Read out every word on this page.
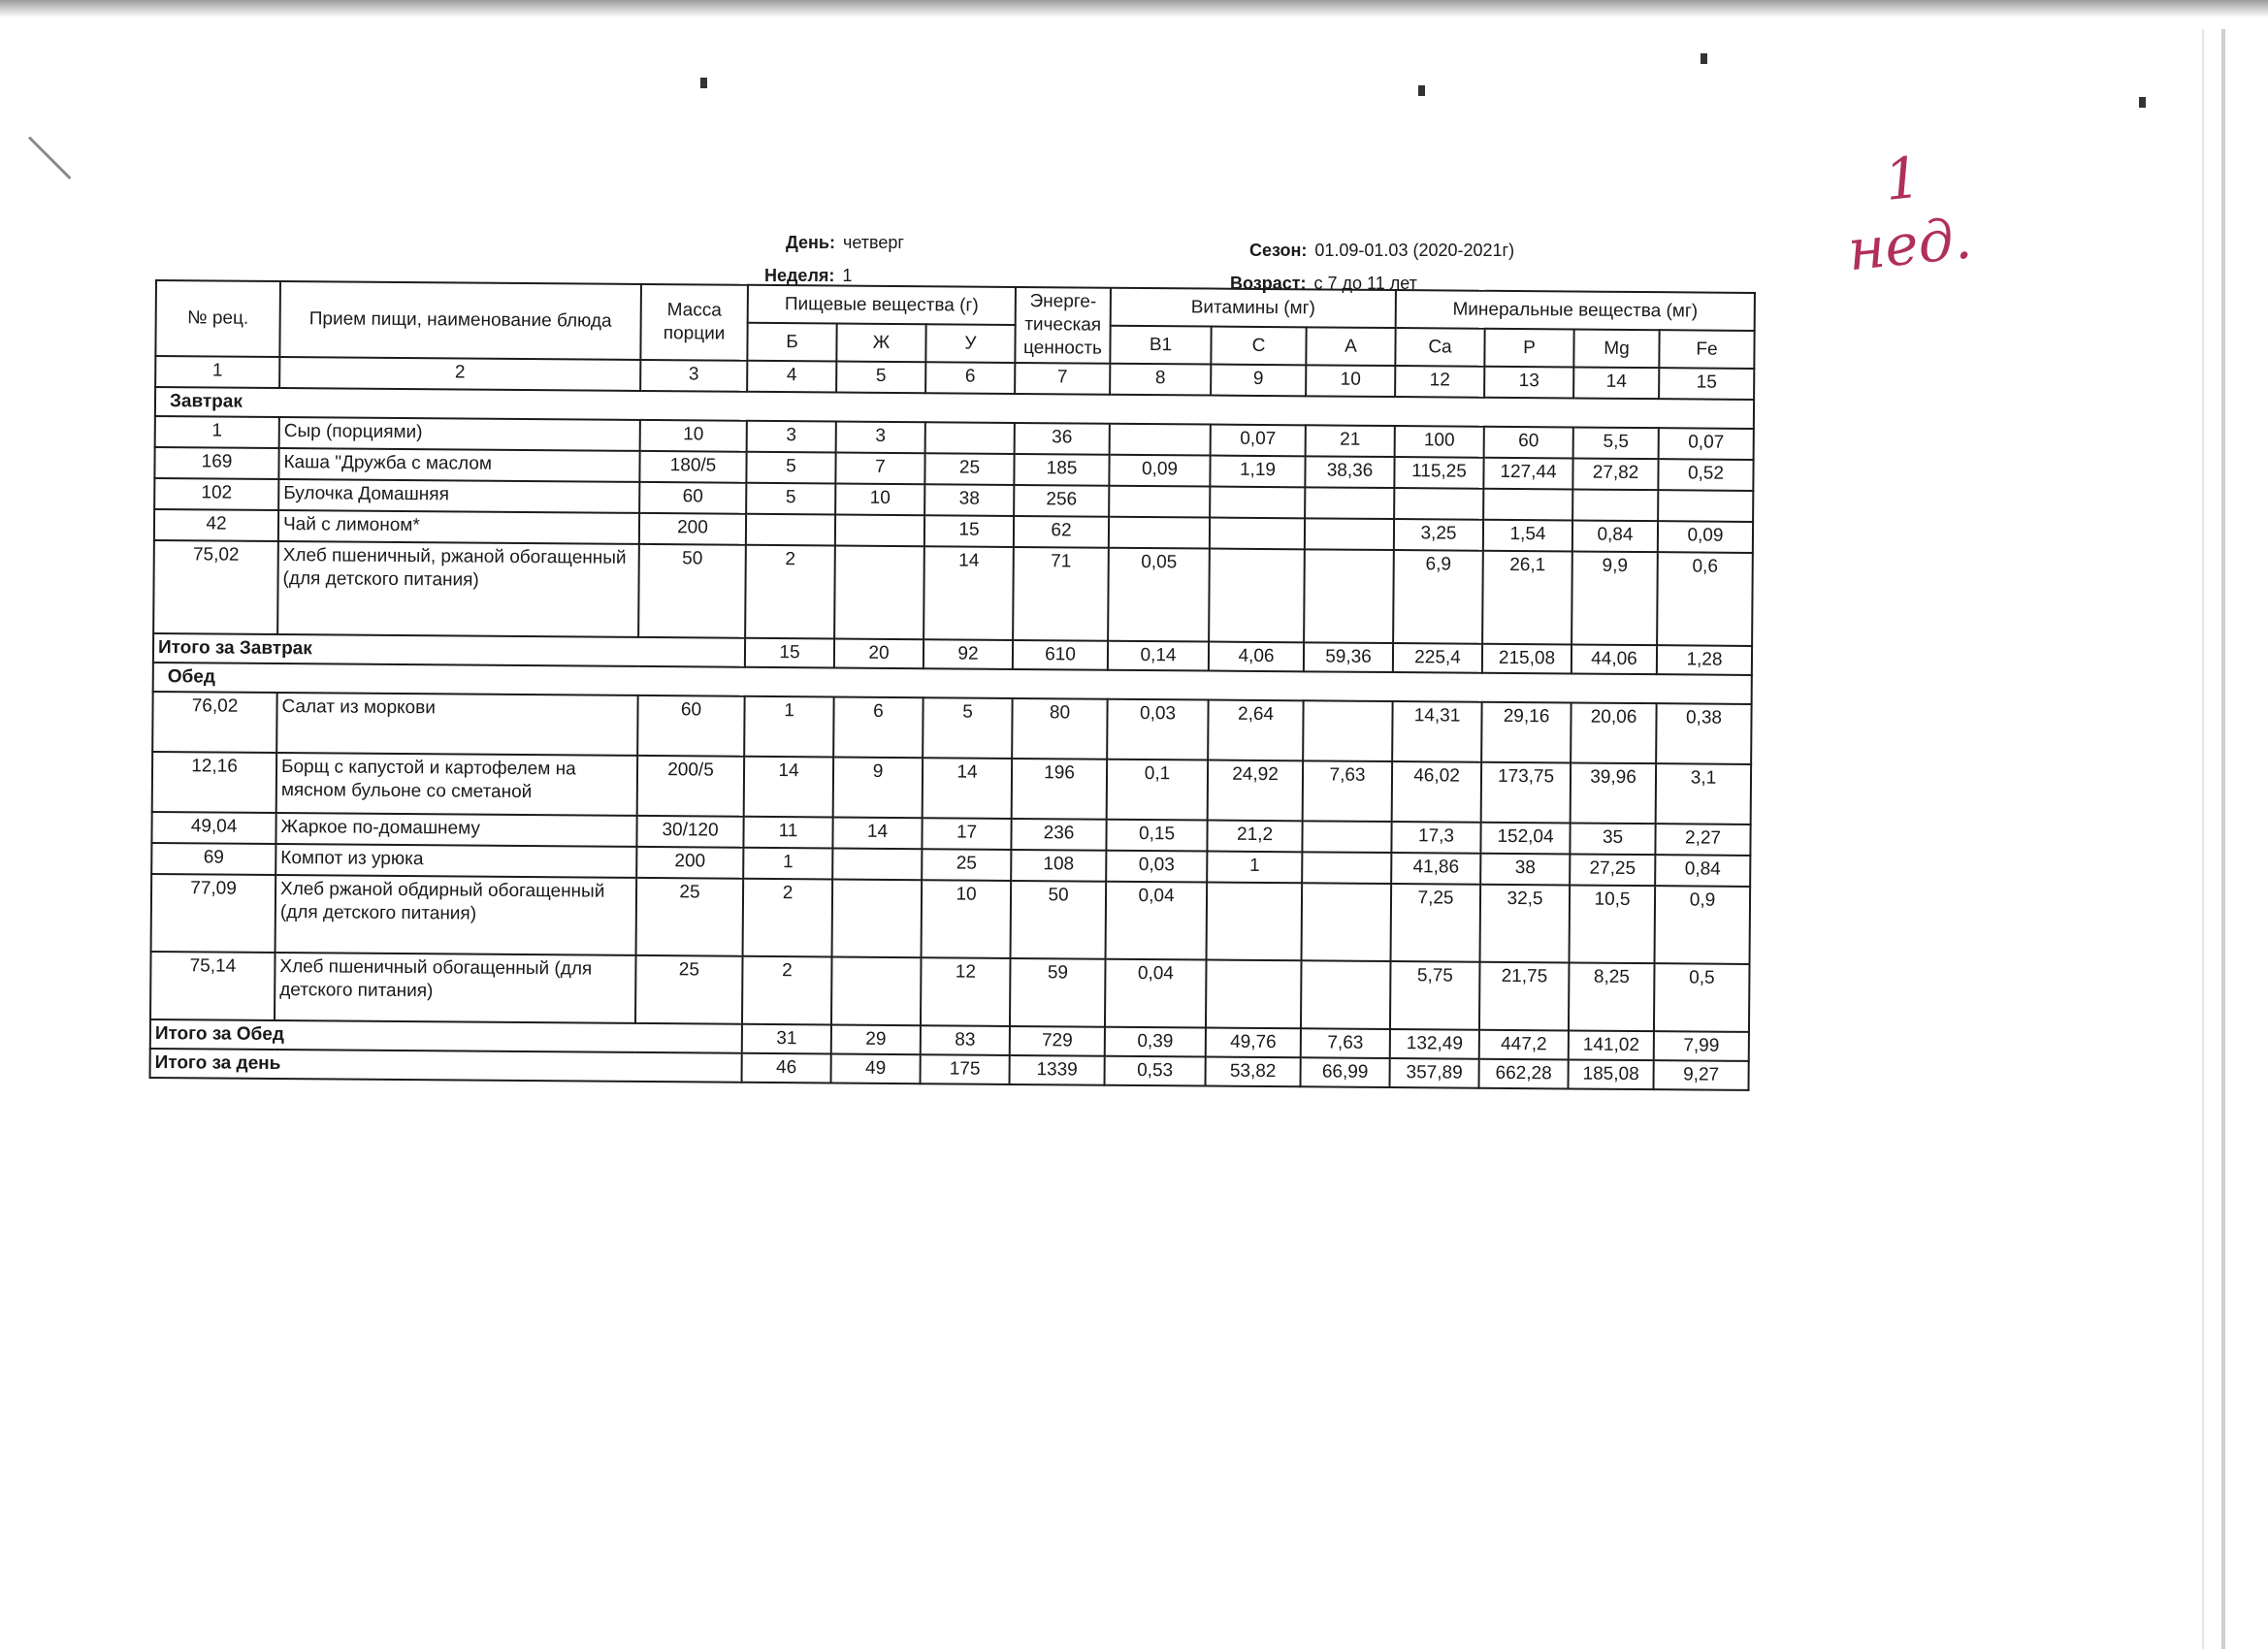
1 нед.
День: четверг
Неделя: 1
Сезон: 01.09-01.03 (2020-2021г)
Возраст: с 7 до 11 лет
№ рец.	Прием пищи, наименование блюда	Масса порции	Пищевые вещества (г)			Энерге-тическая ценность	Витамины (мг)			Минеральные вещества (мг)			
			Б	Ж	У		B1	C	A	Ca	P	Mg	Fe
1	2	3	4	5	6	7	8	9	10	12	13	14	15
Завтрак													
1	Сыр (порциями)	10	3	3		36		0,07	21	100	60	5,5	0,07
169	Каша "Дружба с маслом	180/5	5	7	25	185	0,09	1,19	38,36	115,25	127,44	27,82	0,52
102	Булочка Домашняя	60	5	10	38	256							
42	Чай с лимоном*	200			15	62				3,25	1,54	0,84	0,09
75,02	Хлеб пшеничный, ржаной обогащенный (для детского питания)	50	2		14	71	0,05			6,9	26,1	9,9	0,6
Итого за Завтрак			15	20	92	610	0,14	4,06	59,36	225,4	215,08	44,06	1,28
Обед													
76,02	Салат из моркови	60	1	6	5	80	0,03	2,64		14,31	29,16	20,06	0,38
12,16	Борщ с капустой и картофелем на мясном бульоне со сметаной	200/5	14	9	14	196	0,1	24,92	7,63	46,02	173,75	39,96	3,1
49,04	Жаркое по-домашнему	30/120	11	14	17	236	0,15	21,2		17,3	152,04	35	2,27
69	Компот из урюка	200	1		25	108	0,03	1		41,86	38	27,25	0,84
77,09	Хлеб ржаной обдирный обогащенный (для детского питания)	25	2		10	50	0,04			7,25	32,5	10,5	0,9
75,14	Хлеб пшеничный обогащенный (для детского питания)	25	2		12	59	0,04			5,75	21,75	8,25	0,5
Итого за Обед			31	29	83	729	0,39	49,76	7,63	132,49	447,2	141,02	7,99
Итого за день			46	49	175	1339	0,53	53,82	66,99	357,89	662,28	185,08	9,27
